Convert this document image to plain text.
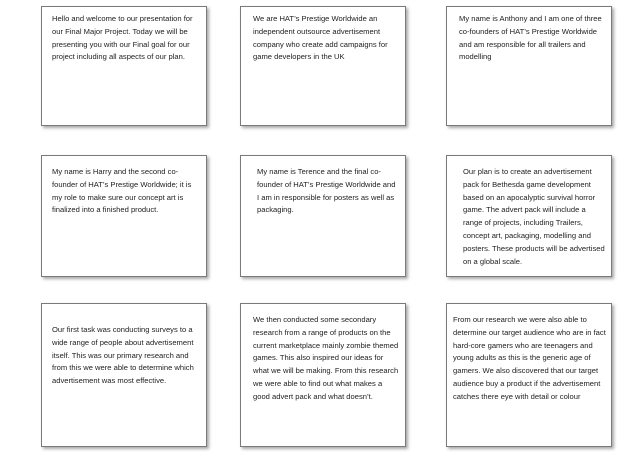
Hello and welcome to our presentation for our Final Major Project. Today we will be presenting you with our Final goal for our project including all aspects of our plan.
We are HAT’s Prestige Worldwide an independent outsource advertisement company who create add campaigns for game developers in the UK
My name is Anthony and I am one of three co-founders of HAT’s Prestige Worldwide and am responsible for all trailers and modelling
My name is Harry and the second co-founder of HAT’s Prestige Worldwide; it is my role to make sure our concept art is finalized into a finished product.
My name is Terence and the final co-founder of HAT’s Prestige Worldwide and I am in responsible for posters as well as packaging.
Our plan is to create an advertisement pack for Bethesda game development based on an apocalyptic survival horror game. The advert pack will include a range of projects, including Trailers, concept art, packaging, modelling and posters. These products will be advertised on a global scale.
Our first task was conducting surveys to a wide range of people about advertisement itself. This was our primary research and from this we were able to determine which advertisement was most effective.
We then conducted some secondary research from a range of products on the current marketplace mainly zombie themed games. This also inspired our ideas for what we will be making. From this research we were able to find out what makes a good advert pack and what doesn’t.
From our research we were also able to determine our target audience who are in fact hard-core gamers who are teenagers and young adults as this is the generic age of gamers. We also discovered that our target audience buy a product if the advertisement catches there eye with detail or colour
